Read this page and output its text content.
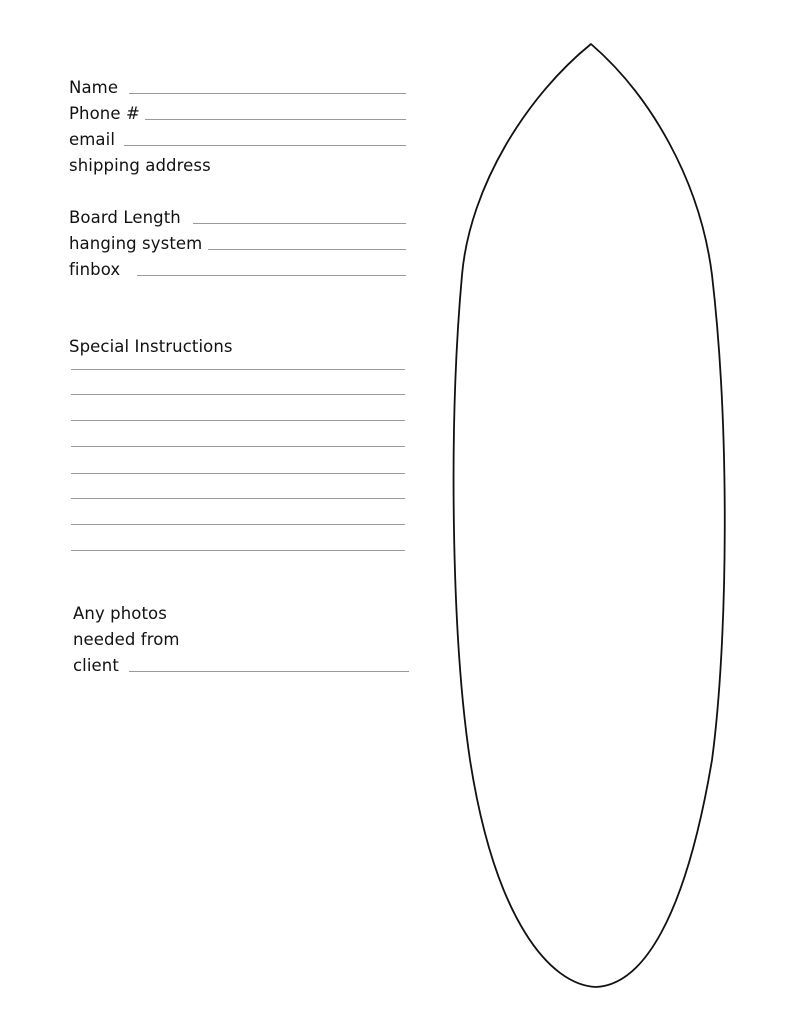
Name
Phone #
email
shipping address
Board Length
hanging system
finbox
Special Instructions
Any photos
needed from
client
